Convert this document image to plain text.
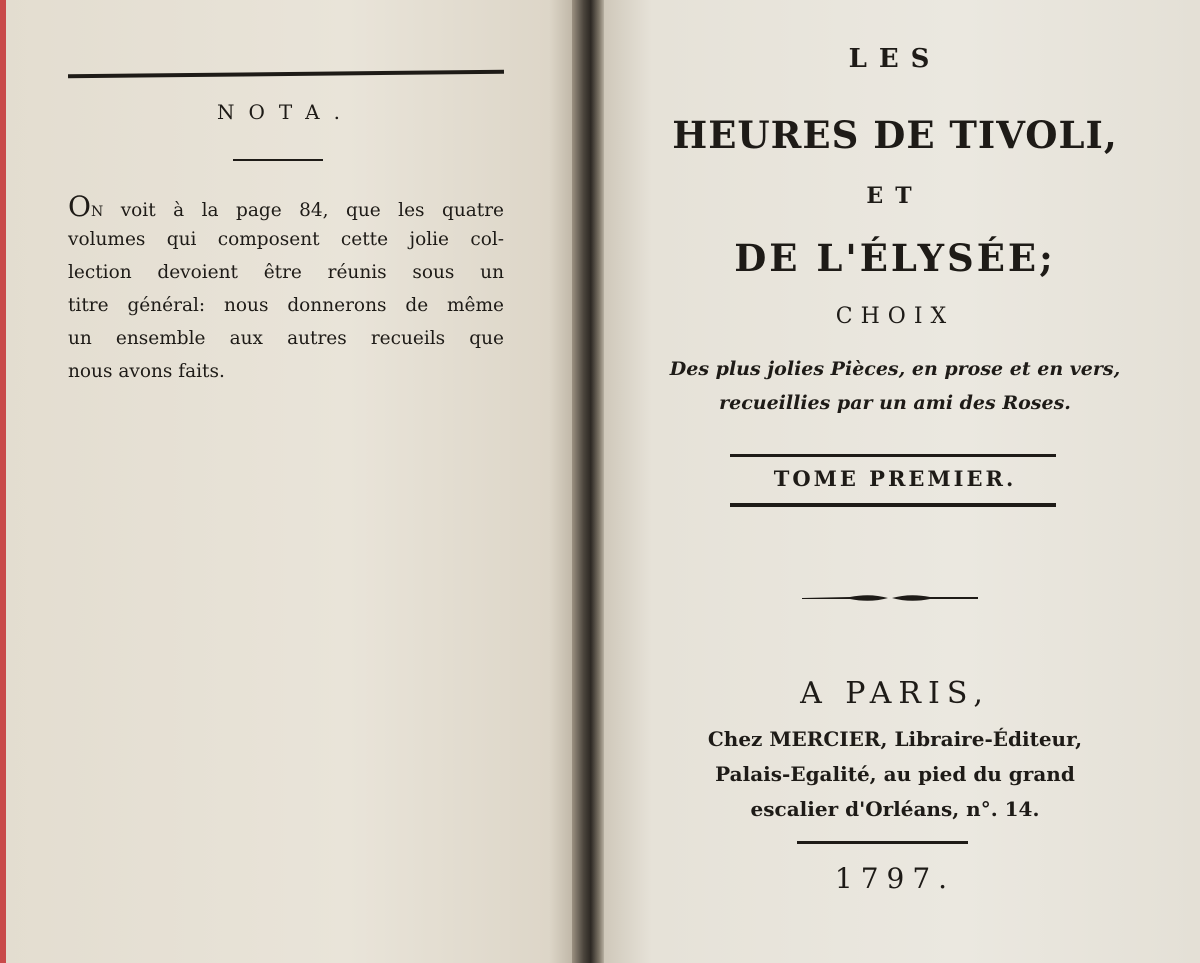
NOTA.
ON voit à la page 84, que les quatre
volumes qui composent cette jolie col-
lection devoient être réunis sous un
titre général: nous donnerons de même
un ensemble aux autres recueils que
nous avons faits.
LES
HEURES DE TIVOLI,
ET
DE L'ÉLYSÉE;
CHOIX
Des plus jolies Pièces, en prose et en vers,
recueillies par un ami des Roses.
TOME PREMIER.
A PARIS,
Chez MERCIER, Libraire-Éditeur,
Palais-Egalité, au pied du grand
escalier d'Orléans, n°. 14.
1797.
